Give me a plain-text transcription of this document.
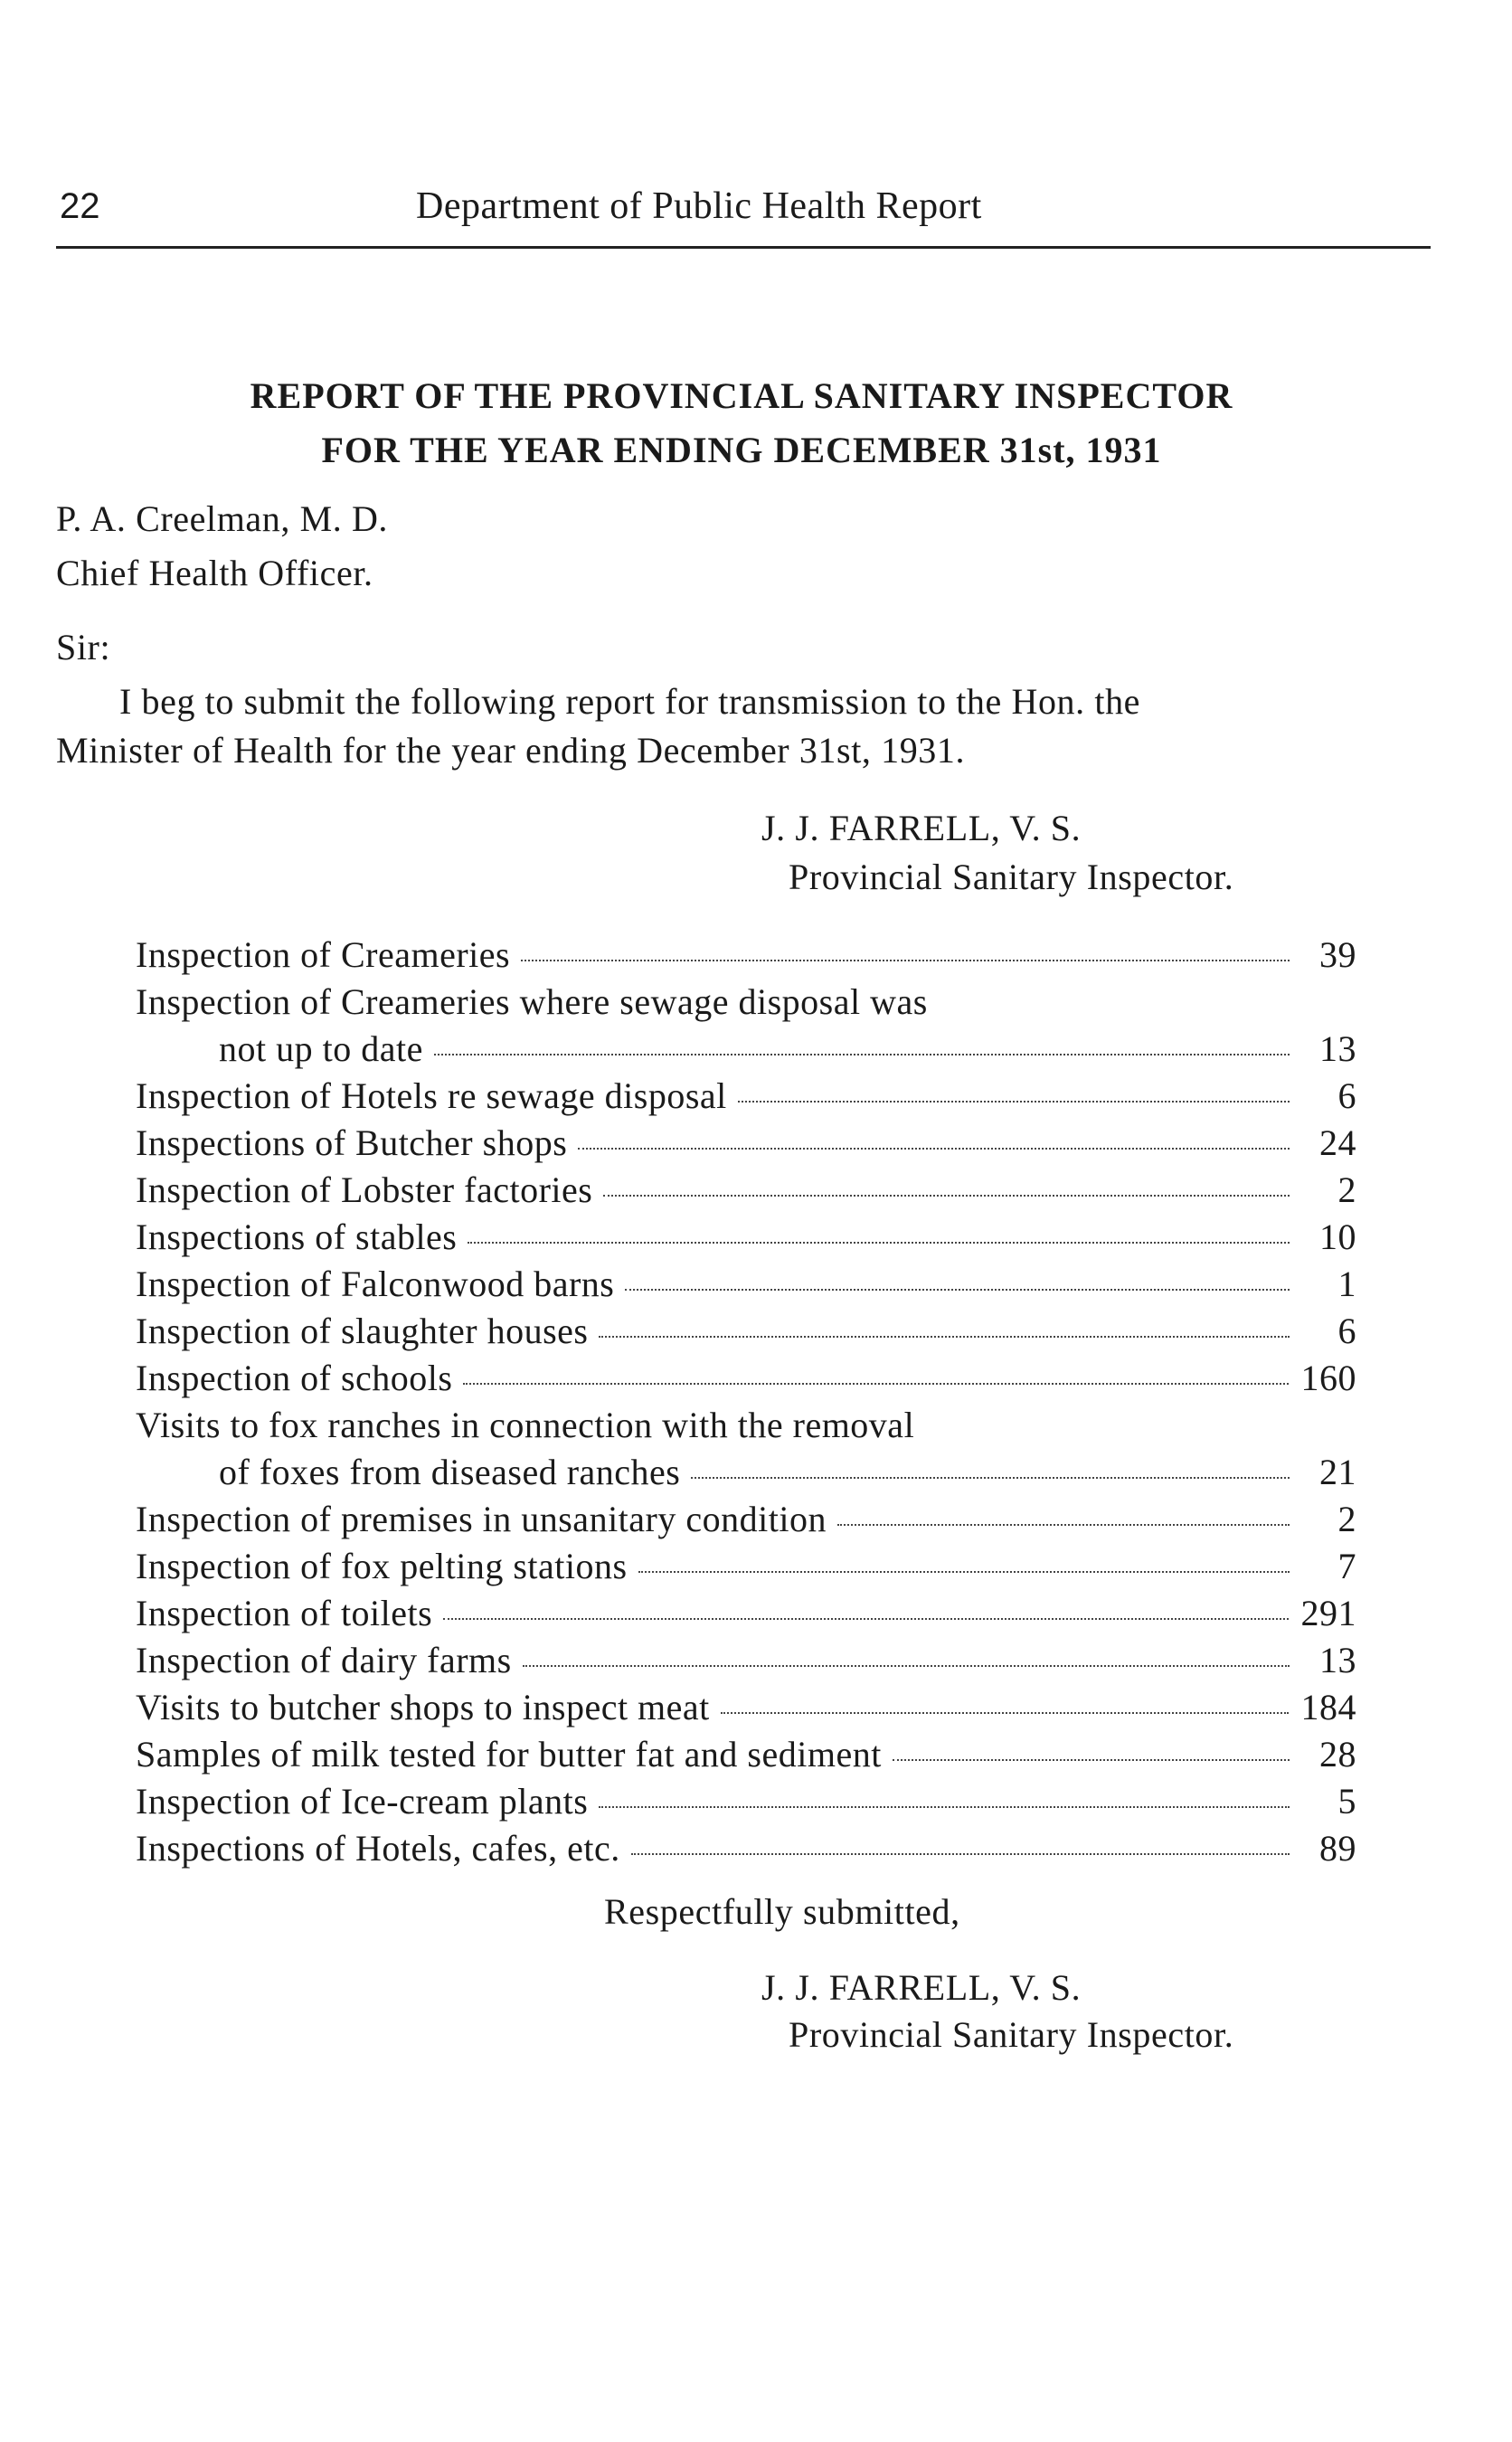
22	Department of Public Health Report
REPORT OF THE PROVINCIAL SANITARY INSPECTOR
FOR THE YEAR ENDING DECEMBER 31st, 1931
P. A. Creelman, M. D.
Chief Health Officer.
Sir:
I beg to submit the following report for transmission to the Hon. the
Minister of Health for the year ending December 31st, 1931.
J. J. FARRELL, V. S.
Provincial Sanitary Inspector.
Inspection of Creameries	39
Inspection of Creameries where sewage disposal was
not up to date	13
Inspection of Hotels re sewage disposal	6
Inspections of Butcher shops	24
Inspection of Lobster factories	2
Inspections of stables	10
Inspection of Falconwood barns	1
Inspection of slaughter houses	6
Inspection of schools	160
Visits to fox ranches in connection with the removal
of foxes from diseased ranches	21
Inspection of premises in unsanitary condition	2
Inspection of fox pelting stations	7
Inspection of toilets	291
Inspection of dairy farms	13
Visits to butcher shops to inspect meat	184
Samples of milk tested for butter fat and sediment	28
Inspection of Ice-cream plants	5
Inspections of Hotels, cafes, etc.	89
Respectfully submitted,
J. J. FARRELL, V. S.
Provincial Sanitary Inspector.
